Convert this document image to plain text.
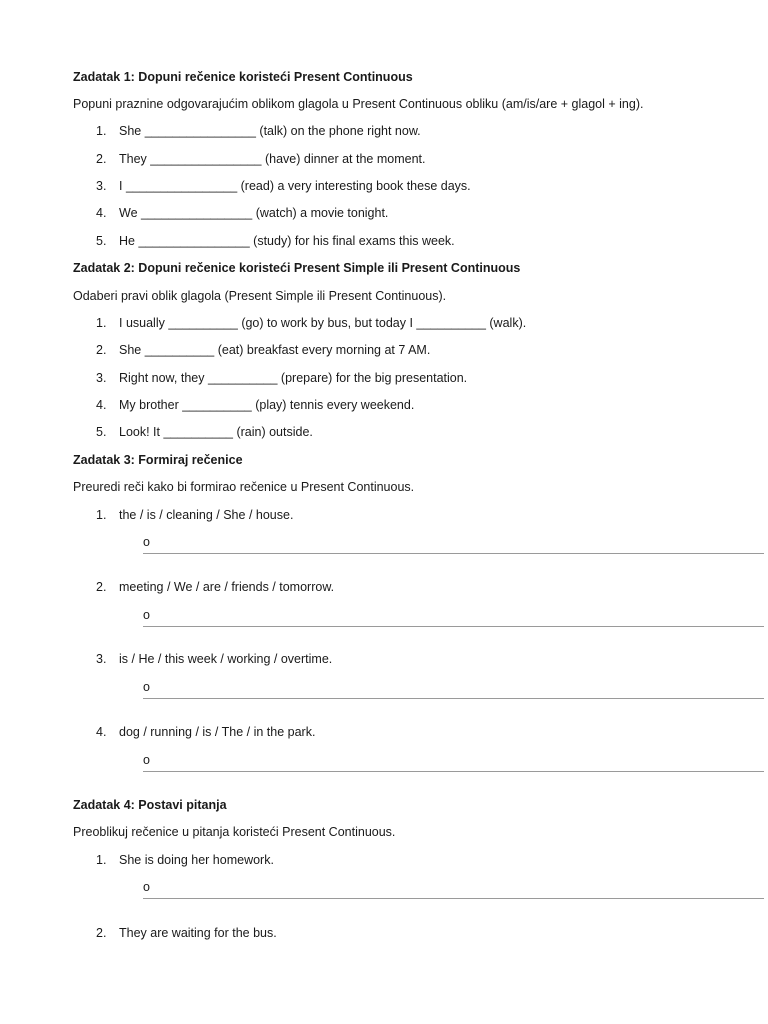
Zadatak 1: Dopuni rečenice koristeći Present Continuous
Popuni praznine odgovarajućim oblikom glagola u Present Continuous obliku (am/is/are + glagol + ing).
1. She ________________ (talk) on the phone right now.
2. They ________________ (have) dinner at the moment.
3. I ________________ (read) a very interesting book these days.
4. We ________________ (watch) a movie tonight.
5. He ________________ (study) for his final exams this week.
Zadatak 2: Dopuni rečenice koristeći Present Simple ili Present Continuous
Odaberi pravi oblik glagola (Present Simple ili Present Continuous).
1. I usually __________ (go) to work by bus, but today I __________ (walk).
2. She __________ (eat) breakfast every morning at 7 AM.
3. Right now, they __________ (prepare) for the big presentation.
4. My brother __________ (play) tennis every weekend.
5. Look! It __________ (rain) outside.
Zadatak 3: Formiraj rečenice
Preuredi reči kako bi formirao rečenice u Present Continuous.
1. the / is / cleaning / She / house.
o
2. meeting / We / are / friends / tomorrow.
o
3. is / He / this week / working / overtime.
o
4. dog / running / is / The / in the park.
o
Zadatak 4: Postavi pitanja
Preoblikuj rečenice u pitanja koristeći Present Continuous.
1. She is doing her homework.
o
2. They are waiting for the bus.
